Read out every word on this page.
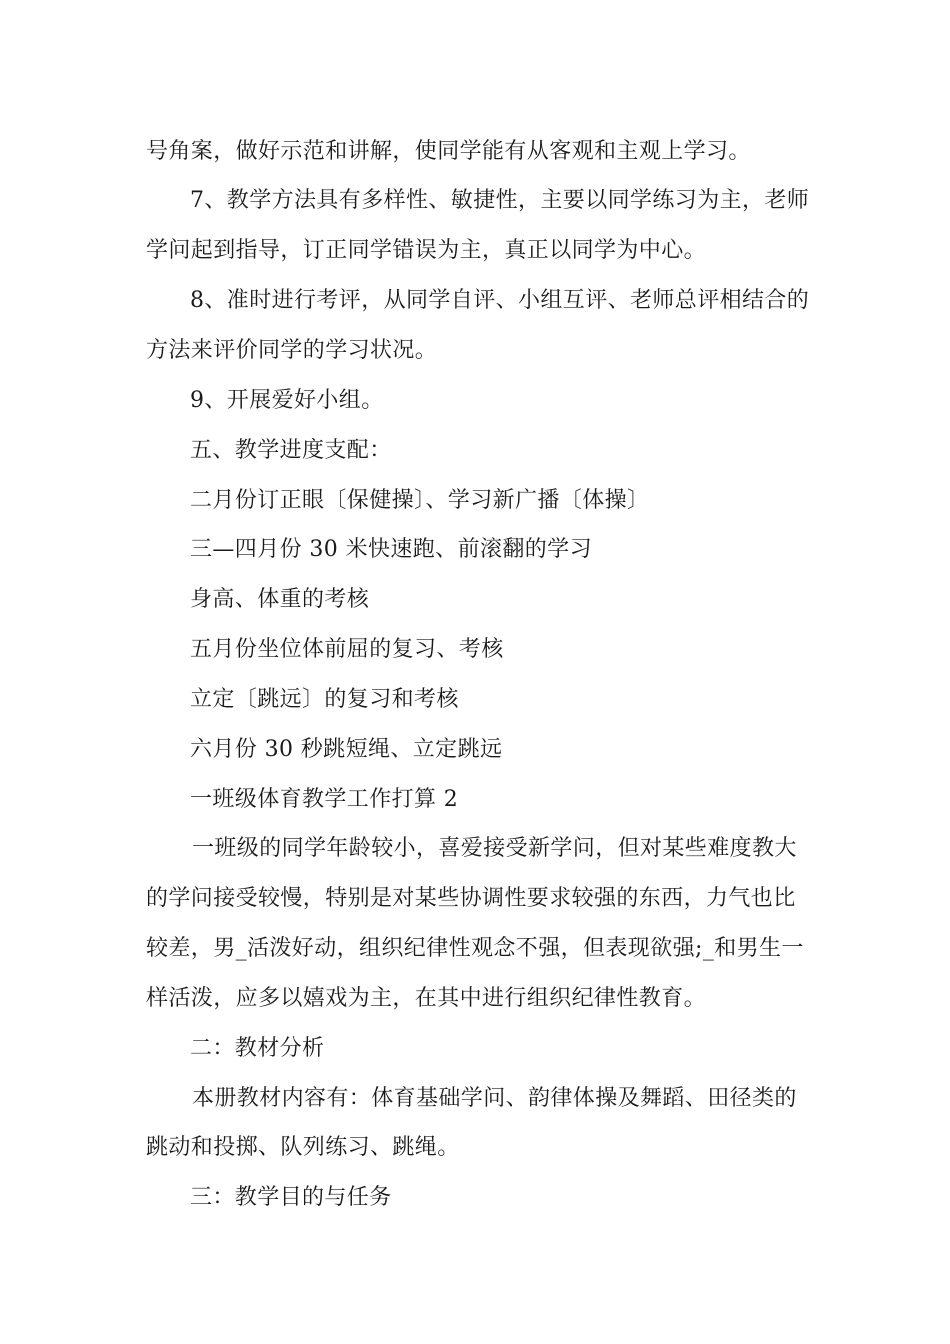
号角案，做好示范和讲解，使同学能有从客观和主观上学习。
7、教学方法具有多样性、敏捷性，主要以同学练习为主，老师
学问起到指导，订正同学错误为主，真正以同学为中心。
8、准时进行考评，从同学自评、小组互评、老师总评相结合的
方法来评价同学的学习状况。
9、开展爱好小组。
五、教学进度支配：
二月份订正眼〔保健操〕、学习新广播〔体操〕
三—四月份 30 米快速跑、前滚翻的学习
身高、体重的考核
五月份坐位体前屈的复习、考核
立定〔跳远〕的复习和考核
六月份 30 秒跳短绳、立定跳远
一班级体育教学工作打算 2
一班级的同学年龄较小，喜爱接受新学问，但对某些难度教大
的学问接受较慢，特别是对某些协调性要求较强的东西，力气也比
较差，男_活泼好动，组织纪律性观念不强，但表现欲强;_和男生一
样活泼，应多以嬉戏为主，在其中进行组织纪律性教育。
二：教材分析
本册教材内容有：体育基础学问、韵律体操及舞蹈、田径类的
跳动和投掷、队列练习、跳绳。
三：教学目的与任务
